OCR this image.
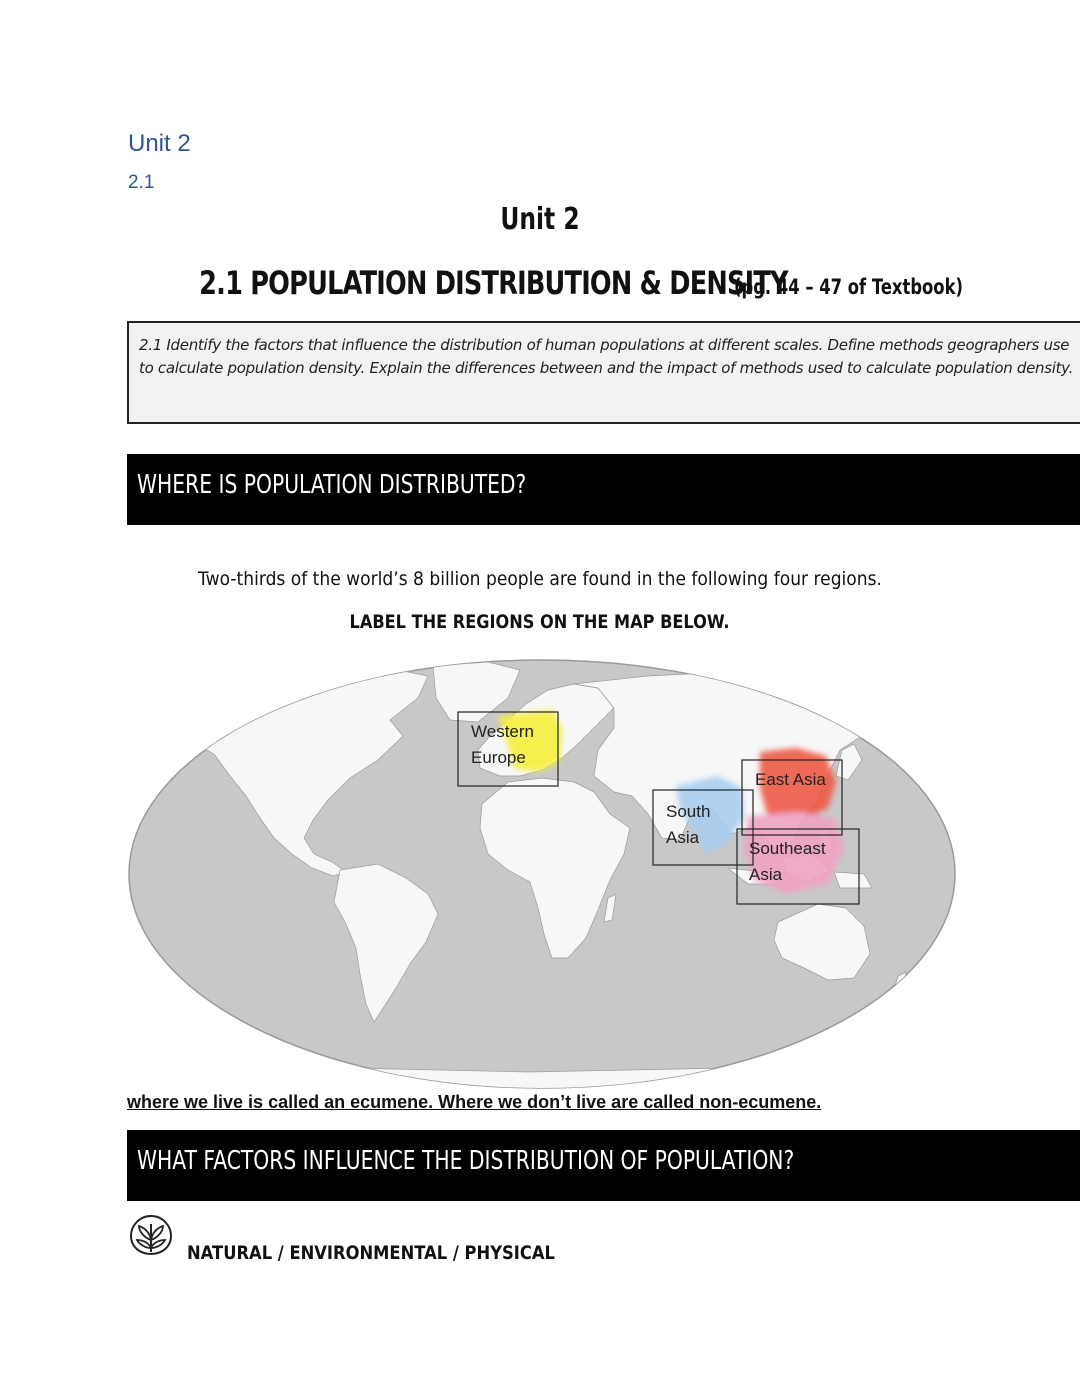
Unit 2
2.1
Unit 2
2.1 POPULATION DISTRIBUTION & DENSITY (pg. 44 – 47 of Textbook)
2.1 Identify the factors that influence the distribution of human populations at different scales. Define methods geographers use to calculate population density. Explain the differences between and the impact of methods used to calculate population density.
WHERE IS POPULATION DISTRIBUTED?
Two-thirds of the world’s 8 billion people are found in the following four regions.
LABEL THE REGIONS ON THE MAP BELOW.
Western
Europe
South
Asia
East Asia
Southeast
Asia
where we live is called an ecumene. Where we don’t live are called non-ecumene.
WHAT FACTORS INFLUENCE THE DISTRIBUTION OF POPULATION?
NATURAL / ENVIRONMENTAL / PHYSICAL
